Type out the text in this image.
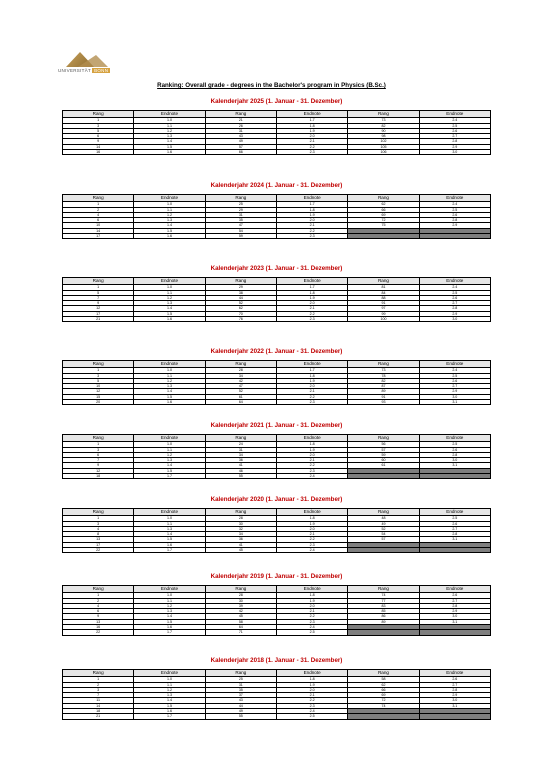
UNIVERSITÄT BONN
Ranking: Overall grade - degrees in the Bachelor's program in Physics (B.Sc.)
Kalenderjahr 2025 (1. Januar - 31. Dezember)
Rang	Endnote	Rang	Endnote	Rang	Endnote
1	1.0	21	1.7	73	2.4
3	1.1	26	1.8	82	2.5
5	1.2	31	1.9	90	2.6
6	1.3	43	2.0	98	2.7
9	1.4	49	2.1	102	2.8
14	1.5	57	2.2	105	2.9
16	1.6	66	2.3	106	3.0
Kalenderjahr 2024 (1. Januar - 31. Dezember)
Rang	Endnote	Rang	Endnote	Rang	Endnote
1	1.0	25	1.7	62	2.4
2	1.1	29	1.8	66	2.5
4	1.2	31	1.9	69	2.6
6	1.3	35	2.0	72	2.8
10	1.4	47	2.1	75	2.9
14	1.5	54	2.2		
17	1.6	59	2.3		
Kalenderjahr 2023 (1. Januar - 31. Dezember)
Rang	Endnote	Rang	Endnote	Rang	Endnote
1	1.0	29	1.7	81	2.4
5	1.1	38	1.8	84	2.5
7	1.2	44	1.9	88	2.6
9	1.3	52	2.0	91	2.7
12	1.4	62	2.1	97	2.8
17	1.5	70	2.2	99	2.9
21	1.6	76	2.3	100	3.0
Kalenderjahr 2022 (1. Januar - 31. Dezember)
Rang	Endnote	Rang	Endnote	Rang	Endnote
1	1.0	28	1.7	73	2.4
3	1.1	34	1.8	78	2.5
5	1.2	42	1.9	82	2.6
10	1.3	47	2.0	87	2.7
12	1.4	52	2.1	89	2.9
15	1.5	61	2.2	91	3.0
20	1.6	64	2.3	93	3.1
Kalenderjahr 2021 (1. Januar - 31. Dezember)
Rang	Endnote	Rang	Endnote	Rang	Endnote
1	1.0	24	1.8	56	2.5
3	1.1	31	1.9	57	2.6
6	1.2	34	2.0	59	2.8
7	1.3	36	2.1	60	3.0
9	1.4	41	2.2	61	3.1
12	1.5	46	2.3		
18	1.7	55	2.4		
Kalenderjahr 2020 (1. Januar - 31. Dezember)
Rang	Endnote	Rang	Endnote	Rang	Endnote
1	1.0	28	1.8	48	2.5
3	1.1	30	1.9	49	2.6
4	1.3	32	2.0	52	2.7
8	1.4	34	2.1	54	2.8
13	1.5	36	2.2	57	3.1
17	1.6	41	2.3		
22	1.7	45	2.4		
Kalenderjahr 2019 (1. Januar - 31. Dezember)
Rang	Endnote	Rang	Endnote	Rang	Endnote
1	1.0	28	1.8	74	2.6
2	1.1	30	1.9	77	2.7
4	1.2	39	2.0	83	2.8
6	1.3	42	2.1	85	2.9
9	1.4	45	2.2	86	3.0
13	1.5	58	2.3	89	3.1
16	1.6	64	2.4		
22	1.7	71	2.5		
Kalenderjahr 2018 (1. Januar - 31. Dezember)
Rang	Endnote	Rang	Endnote	Rang	Endnote
1	1.0	25	1.8	58	2.6
2	1.1	31	1.9	62	2.7
3	1.2	35	2.0	66	2.8
7	1.3	37	2.1	69	2.9
11	1.4	43	2.2	72	3.0
14	1.5	44	2.3	74	3.1
18	1.6	49	2.4		
21	1.7	55	2.5		
